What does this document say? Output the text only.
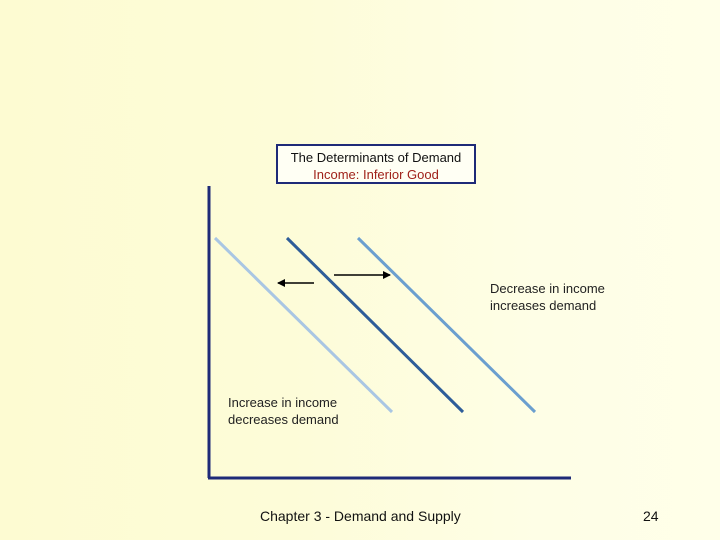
The Determinants of Demand
Income: Inferior Good
Decrease in income
increases demand
Increase in income
decreases demand
Chapter 3 - Demand and Supply	24
